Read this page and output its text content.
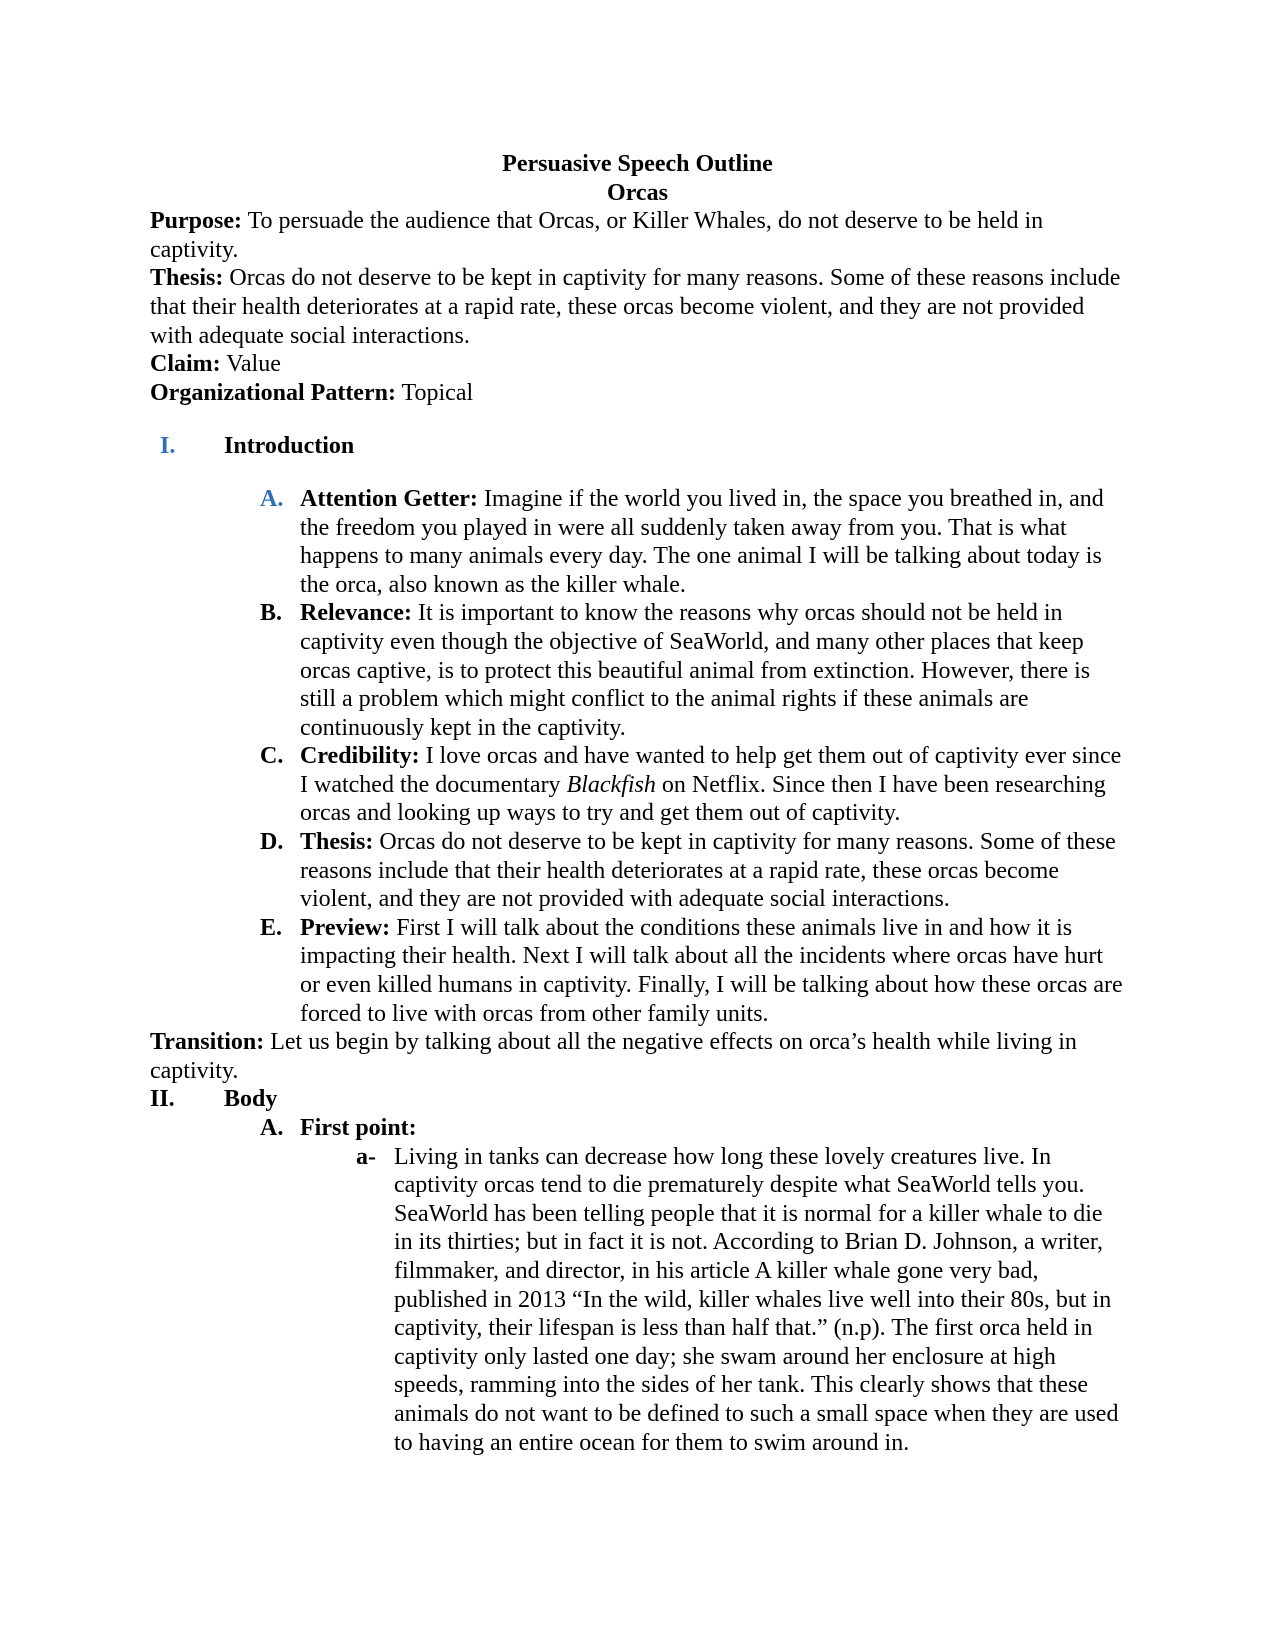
Persuasive Speech Outline
Orcas
Purpose: To persuade the audience that Orcas, or Killer Whales, do not deserve to be held in captivity.
Thesis: Orcas do not deserve to be kept in captivity for many reasons. Some of these reasons include that their health deteriorates at a rapid rate, these orcas become violent, and they are not provided with adequate social interactions.
Claim: Value
Organizational Pattern: Topical
I. Introduction
A. Attention Getter: Imagine if the world you lived in, the space you breathed in, and the freedom you played in were all suddenly taken away from you. That is what happens to many animals every day. The one animal I will be talking about today is the orca, also known as the killer whale.
B. Relevance: It is important to know the reasons why orcas should not be held in captivity even though the objective of SeaWorld, and many other places that keep orcas captive, is to protect this beautiful animal from extinction. However, there is still a problem which might conflict to the animal rights if these animals are continuously kept in the captivity.
C. Credibility: I love orcas and have wanted to help get them out of captivity ever since I watched the documentary Blackfish on Netflix. Since then I have been researching orcas and looking up ways to try and get them out of captivity.
D. Thesis: Orcas do not deserve to be kept in captivity for many reasons. Some of these reasons include that their health deteriorates at a rapid rate, these orcas become violent, and they are not provided with adequate social interactions.
E. Preview: First I will talk about the conditions these animals live in and how it is impacting their health. Next I will talk about all the incidents where orcas have hurt or even killed humans in captivity. Finally, I will be talking about how these orcas are forced to live with orcas from other family units.
Transition: Let us begin by talking about all the negative effects on orca’s health while living in captivity.
II. Body
A. First point:
a- Living in tanks can decrease how long these lovely creatures live. In captivity orcas tend to die prematurely despite what SeaWorld tells you. SeaWorld has been telling people that it is normal for a killer whale to die in its thirties; but in fact it is not. According to Brian D. Johnson, a writer, filmmaker, and director, in his article A killer whale gone very bad, published in 2013 “In the wild, killer whales live well into their 80s, but in captivity, their lifespan is less than half that.” (n.p). The first orca held in captivity only lasted one day; she swam around her enclosure at high speeds, ramming into the sides of her tank. This clearly shows that these animals do not want to be defined to such a small space when they are used to having an entire ocean for them to swim around in.
